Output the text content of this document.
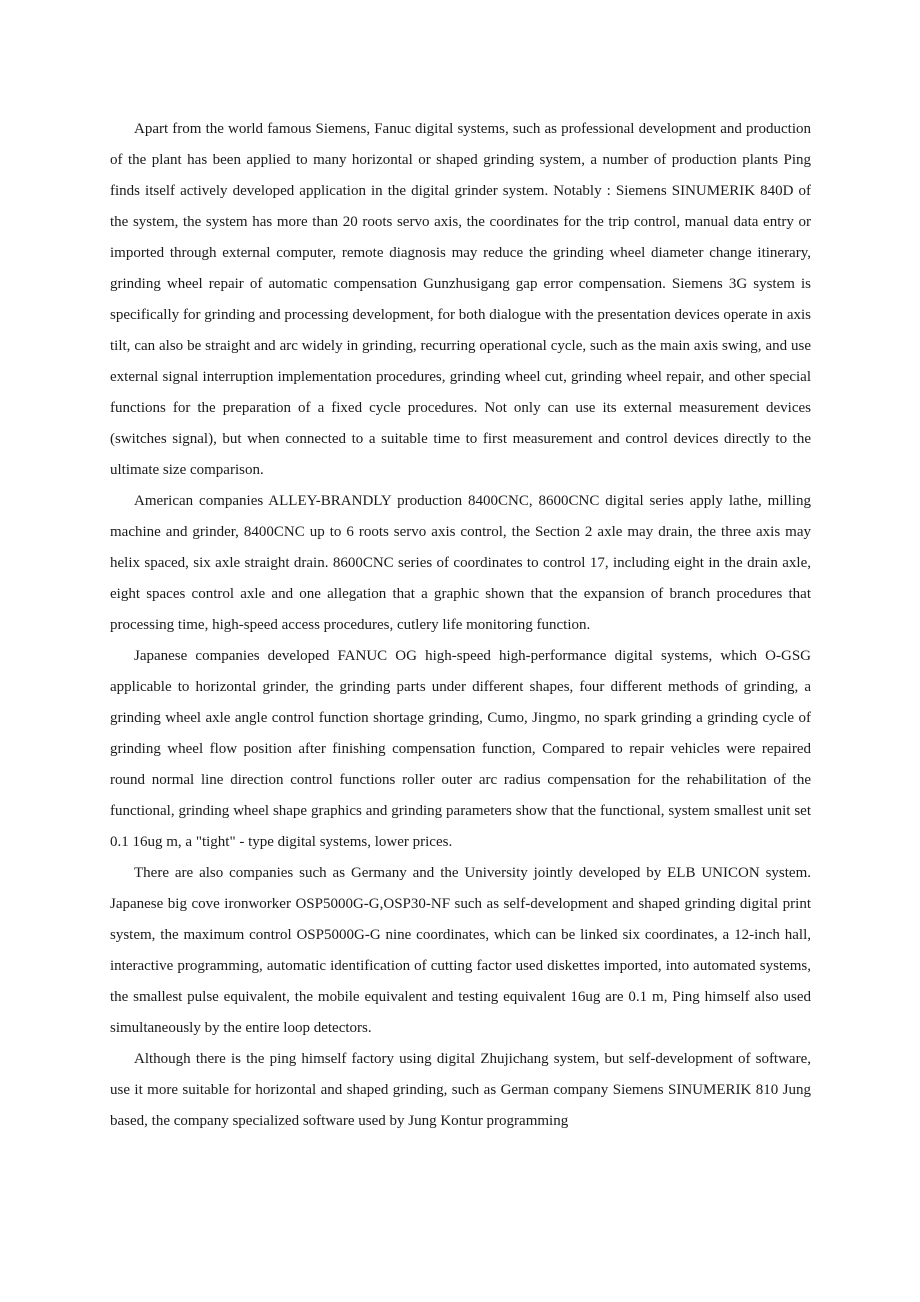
Apart from the world famous Siemens, Fanuc digital systems, such as professional development and production of the plant has been applied to many horizontal or shaped grinding system, a number of production plants Ping finds itself actively developed application in the digital grinder system. Notably : Siemens SINUMERIK 840D of the system, the system has more than 20 roots servo axis, the coordinates for the trip control, manual data entry or imported through external computer, remote diagnosis may reduce the grinding wheel diameter change itinerary, grinding wheel repair of automatic compensation Gunzhusigang gap error compensation. Siemens 3G system is specifically for grinding and processing development, for both dialogue with the presentation devices operate in axis tilt, can also be straight and arc widely in grinding, recurring operational cycle, such as the main axis swing, and use external signal interruption implementation procedures, grinding wheel cut, grinding wheel repair, and other special functions for the preparation of a fixed cycle procedures. Not only can use its external measurement devices (switches signal), but when connected to a suitable time to first measurement and control devices directly to the ultimate size comparison.

American companies ALLEY-BRANDLY production 8400CNC, 8600CNC digital series apply lathe, milling machine and grinder, 8400CNC up to 6 roots servo axis control, the Section 2 axle may drain, the three axis may helix spaced, six axle straight drain. 8600CNC series of coordinates to control 17, including eight in the drain axle, eight spaces control axle and one allegation that a graphic shown that the expansion of branch procedures that processing time, high-speed access procedures, cutlery life monitoring function.

Japanese companies developed FANUC OG high-speed high-performance digital systems, which O-GSG applicable to horizontal grinder, the grinding parts under different shapes, four different methods of grinding, a grinding wheel axle angle control function shortage grinding, Cumo, Jingmo, no spark grinding a grinding cycle of grinding wheel flow position after finishing compensation function, Compared to repair vehicles were repaired round normal line direction control functions roller outer arc radius compensation for the rehabilitation of the functional, grinding wheel shape graphics and grinding parameters show that the functional, system smallest unit set 0.1 16ug m, a "tight" - type digital systems, lower prices.

There are also companies such as Germany and the University jointly developed by ELB UNICON system. Japanese big cove ironworker OSP5000G-G,OSP30-NF such as self-development and shaped grinding digital print system, the maximum control OSP5000G-G nine coordinates, which can be linked six coordinates, a 12-inch hall, interactive programming, automatic identification of cutting factor used diskettes imported, into automated systems, the smallest pulse equivalent, the mobile equivalent and testing equivalent 16ug are 0.1 m, Ping himself also used simultaneously by the entire loop detectors.

Although there is the ping himself factory using digital Zhujichang system, but self-development of software, use it more suitable for horizontal and shaped grinding, such as German company Siemens SINUMERIK 810 Jung based, the company specialized software used by Jung Kontur programming
